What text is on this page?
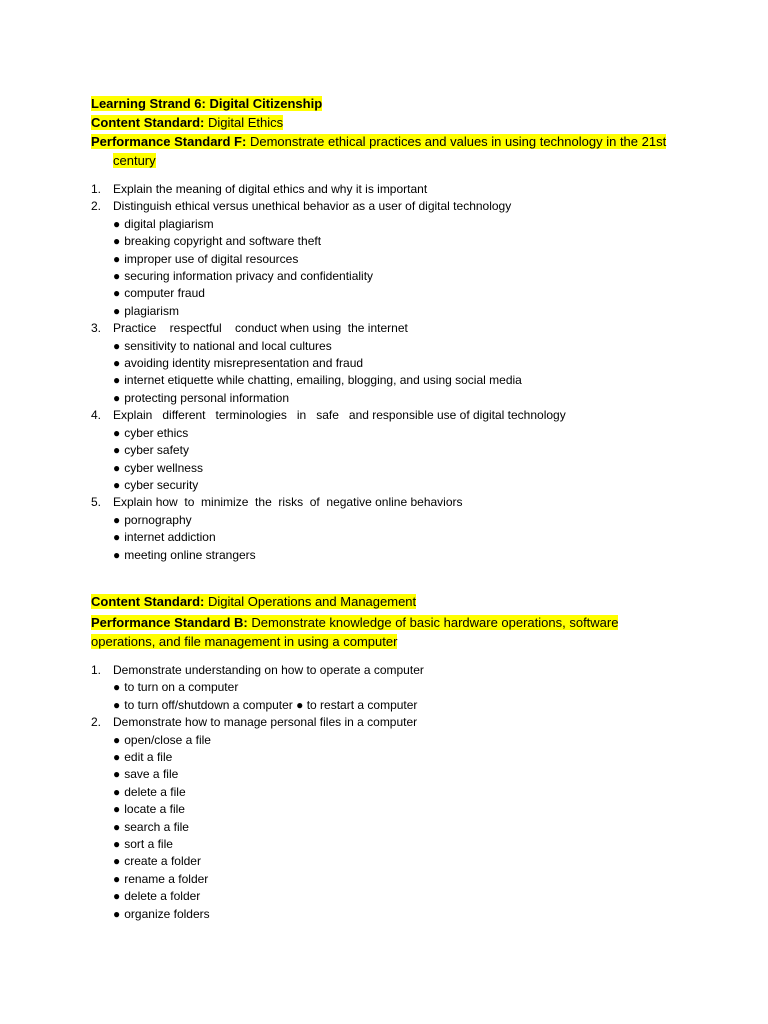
Learning Strand 6: Digital Citizenship

Content Standard: Digital Ethics

Performance Standard F: Demonstrate ethical practices and values in using technology in the 21st century

1. Explain the meaning of digital ethics and why it is important
2. Distinguish ethical versus unethical behavior as a user of digital technology
● digital plagiarism
● breaking copyright and software theft
● improper use of digital resources
● securing information privacy and confidentiality
● computer fraud
● plagiarism
3. Practice    respectful    conduct when using  the internet
● sensitivity to national and local cultures
● avoiding identity misrepresentation and fraud
● internet etiquette while chatting, emailing, blogging, and using social media
● protecting personal information
4. Explain   different   terminologies   in   safe   and responsible use of digital technology
● cyber ethics
● cyber safety
● cyber wellness
● cyber security
5. Explain how  to  minimize  the  risks  of  negative online behaviors
● pornography
● internet addiction
● meeting online strangers

Content Standard: Digital Operations and Management

Performance Standard B: Demonstrate knowledge of basic hardware operations, software operations, and file management in using a computer

1. Demonstrate understanding on how to operate a computer
● to turn on a computer
● to turn off/shutdown a computer ● to restart a computer
2. Demonstrate how to manage personal files in a computer
● open/close a file
● edit a file
● save a file
● delete a file
● locate a file
● search a file
● sort a file
● create a folder
● rename a folder
● delete a folder
● organize folders
